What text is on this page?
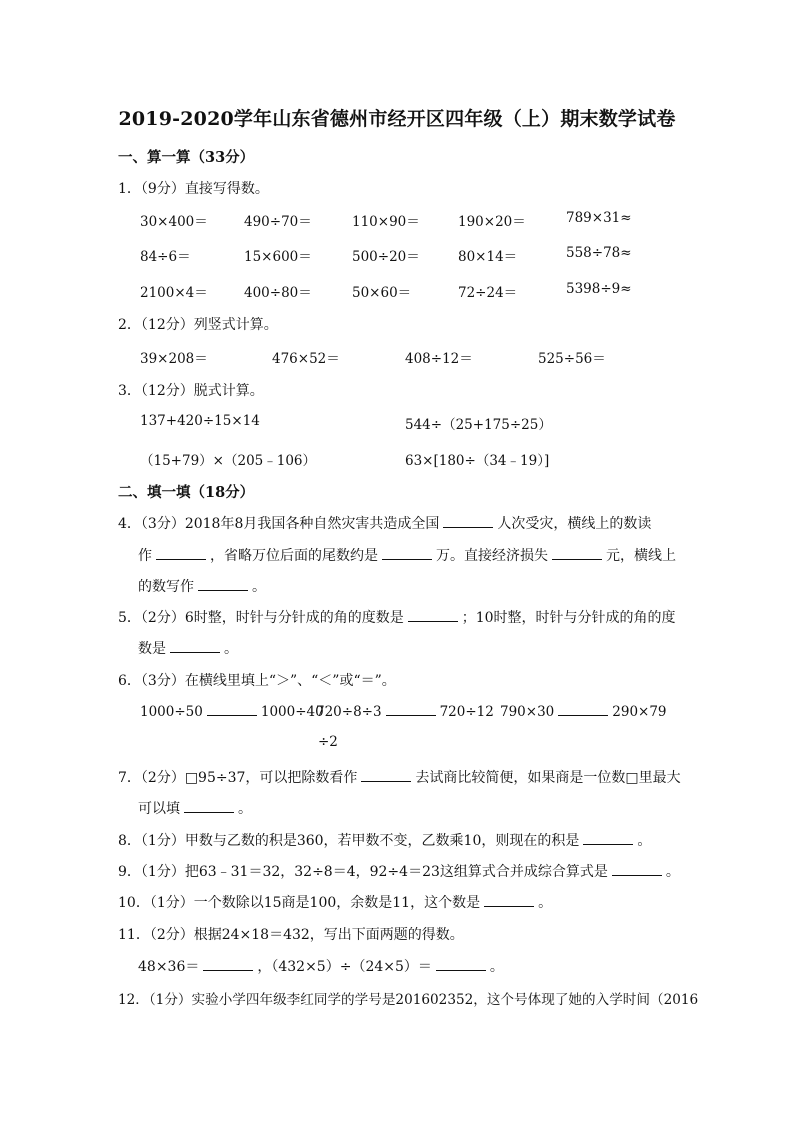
2019-2020学年山东省德州市经开区四年级（上）期末数学试卷
一、算一算（33分）
1．（9分）直接写得数。
30×400＝	490÷70＝	110×90＝	190×20＝	789×31≈
84÷6＝	15×600＝	500÷20＝	80×14＝	558÷78≈
2100×4＝	400÷80＝	50×60＝	72÷24＝	5398÷9≈
2．（12分）列竖式计算。
39×208＝	476×52＝	408÷12＝	525÷56＝
3．（12分）脱式计算。
137+420÷15×14	544÷（25+175÷25）
（15+79）×（205﹣106）	63×[180÷（34﹣19）]
二、填一填（18分）
4．（3分）2018年8月我国各种自然灾害共造成全国	人次受灾，横线上的数读
作	，省略万位后面的尾数约是	万。直接经济损失	元，横线上
的数写作	。
5．（2分）6时整，时针与分针成的角的度数是	；10时整，时针与分针成的角的度
数是	。
6．（3分）在横线里填上“＞”、“＜”或“＝”。
1000÷50	1000÷40
720÷8÷3	720÷12 790×30	290×79
÷2
7．（2分）□95÷37，可以把除数看作	去试商比较简便，如果商是一位数□里最大
可以填	。
8．（1分）甲数与乙数的积是360，若甲数不变，乙数乘10，则现在的积是	。
9．（1分）把63﹣31＝32，32÷8＝4，92÷4＝23这组算式合并成综合算式是	。
10．（1分）一个数除以15商是100，余数是11，这个数是	。
11．（2分）根据24×18＝432，写出下面两题的得数。
48×36＝	，（432×5）÷（24×5）＝	。
12．（1分）实验小学四年级李红同学的学号是201602352，这个号体现了她的入学时间（2016
